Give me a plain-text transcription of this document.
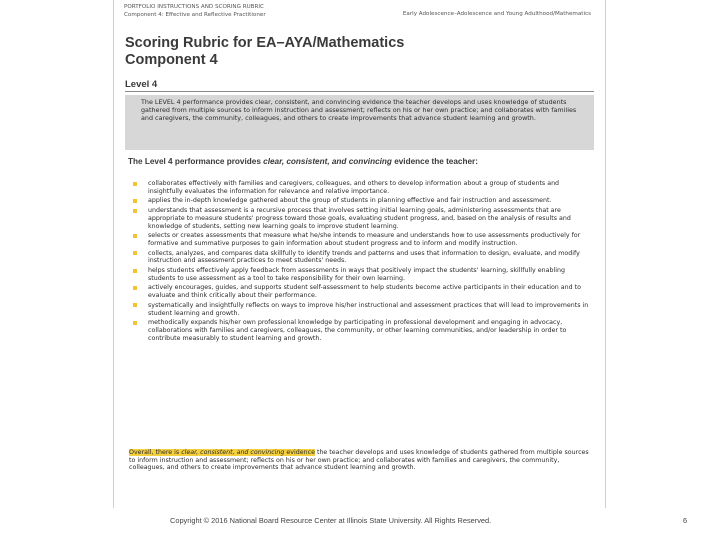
PORTFOLIO INSTRUCTIONS AND SCORING RUBRIC
Component 4: Effective and Reflective Practitioner	Early Adolescence–Adolescence and Young Adulthood/Mathematics
Scoring Rubric for EA–AYA/Mathematics
Component 4
Level 4
The LEVEL 4 performance provides clear, consistent, and convincing evidence the teacher develops and uses knowledge of students gathered from multiple sources to inform instruction and assessment; reflects on his or her own practice; and collaborates with families and caregivers, the community, colleagues, and others to create improvements that advance student learning and growth.
The Level 4 performance provides clear, consistent, and convincing evidence the teacher:
collaborates effectively with families and caregivers, colleagues, and others to develop information about a group of students and insightfully evaluates the information for relevance and relative importance.
applies the in-depth knowledge gathered about the group of students in planning effective and fair instruction and assessment.
understands that assessment is a recursive process that involves setting initial learning goals, administering assessments that are appropriate to measure students' progress toward those goals, evaluating student progress, and, based on the analysis of results and knowledge of students, setting new learning goals to improve student learning.
selects or creates assessments that measure what he/she intends to measure and understands how to use assessments productively for formative and summative purposes to gain information about student progress and to inform and modify instruction.
collects, analyzes, and compares data skillfully to identify trends and patterns and uses that information to design, evaluate, and modify instruction and assessment practices to meet students' needs.
helps students effectively apply feedback from assessments in ways that positively impact the students' learning, skillfully enabling students to use assessment as a tool to take responsibility for their own learning.
actively encourages, guides, and supports student self-assessment to help students become active participants in their education and to evaluate and think critically about their performance.
systematically and insightfully reflects on ways to improve his/her instructional and assessment practices that will lead to improvements in student learning and growth.
methodically expands his/her own professional knowledge by participating in professional development and engaging in advocacy, collaborations with families and caregivers, colleagues, the community, or other learning communities, and/or leadership in order to contribute measurably to student learning and growth.
Overall, there is clear, consistent, and convincing evidence the teacher develops and uses knowledge of students gathered from multiple sources to inform instruction and assessment; reflects on his or her own practice; and collaborates with families and caregivers, the community, colleagues, and others to create improvements that advance student learning and growth.
Copyright © 2016 National Board Resource Center at Illinois State University. All Rights Reserved.	6
